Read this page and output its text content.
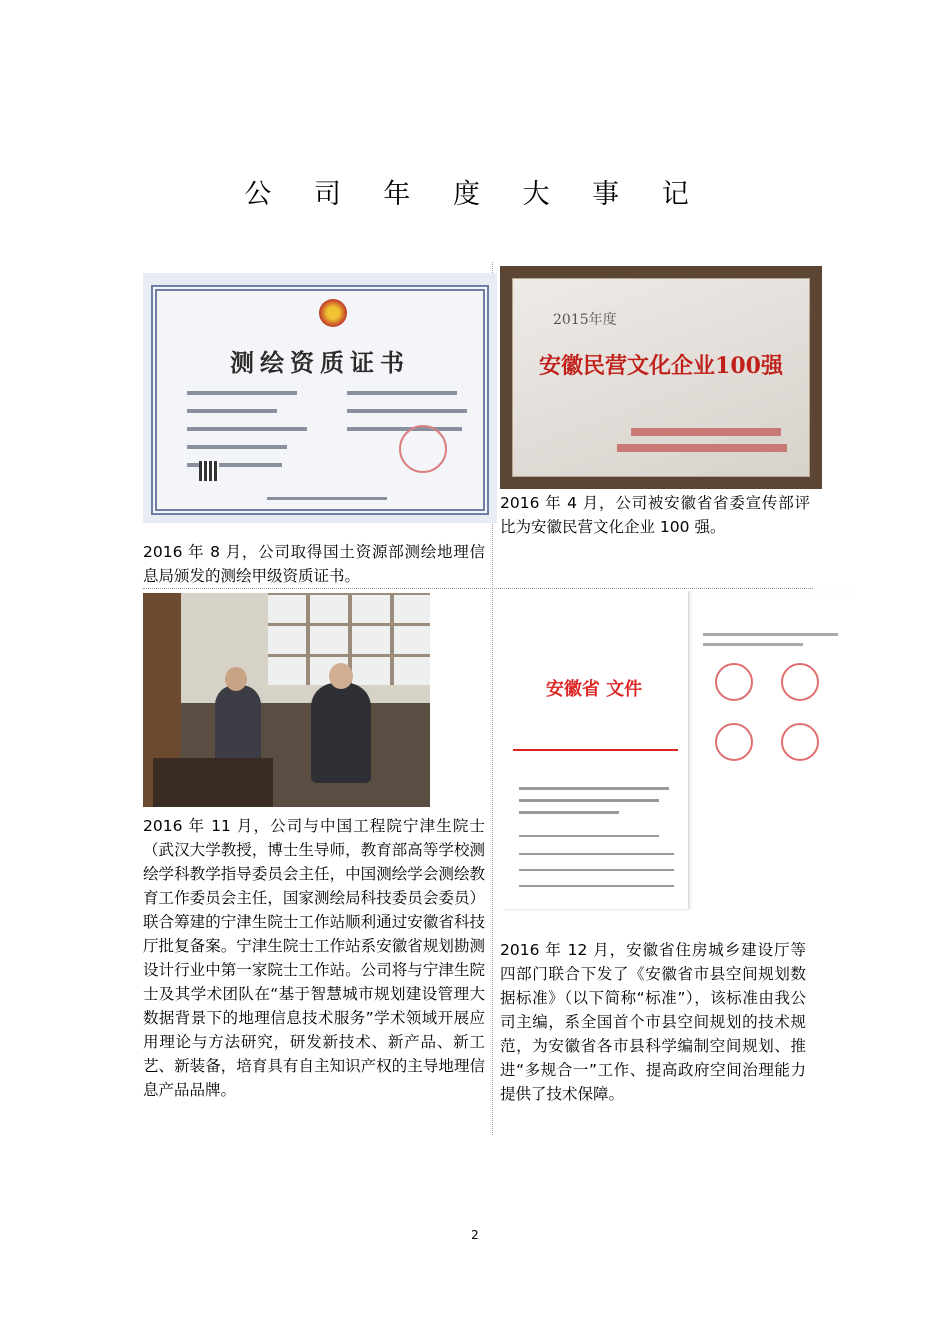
公 司 年 度 大 事 记
测绘资质证书
2016 年 8 月，公司取得国土资源部测绘地理信息局颁发的测绘甲级资质证书。
2015年度
安徽民营文化企业100强
2016 年 4 月，公司被安徽省省委宣传部评比为安徽民营文化企业 100 强。
2016 年 11 月，公司与中国工程院宁津生院士（武汉大学教授，博士生导师，教育部高等学校测绘学科教学指导委员会主任，中国测绘学会测绘教育工作委员会主任，国家测绘局科技委员会委员）联合筹建的宁津生院士工作站顺利通过安徽省科技厅批复备案。宁津生院士工作站系安徽省规划勘测设计行业中第一家院士工作站。公司将与宁津生院士及其学术团队在“基于智慧城市规划建设管理大数据背景下的地理信息技术服务”学术领域开展应用理论与方法研究，研发新技术、新产品、新工艺、新装备，培育具有自主知识产权的主导地理信息产品品牌。
安徽省 文件
2016 年 12 月，安徽省住房城乡建设厅等四部门联合下发了《安徽省市县空间规划数据标准》（以下简称“标准”），该标准由我公司主编，系全国首个市县空间规划的技术规范，为安徽省各市县科学编制空间规划、推进“多规合一”工作、提高政府空间治理能力提供了技术保障。
2
